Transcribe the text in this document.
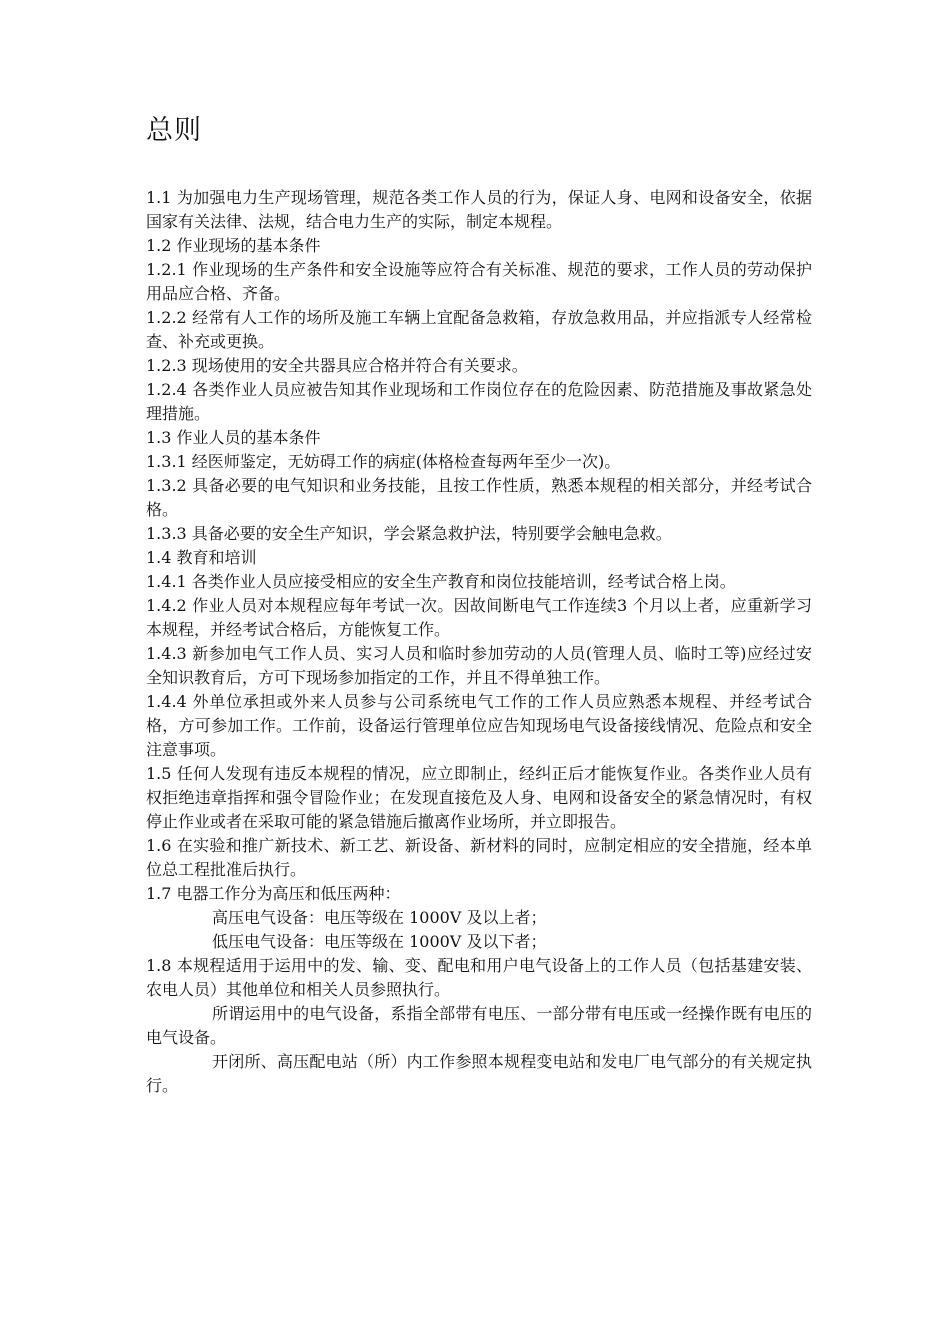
总则

1.1 为加强电力生产现场管理，规范各类工作人员的行为，保证人身、电网和设备安全，依据国家有关法律、法规，结合电力生产的实际，制定本规程。

1.2 作业现场的基本条件

1.2.1 作业现场的生产条件和安全设施等应符合有关标准、规范的要求，工作人员的劳动保护用品应合格、齐备。

1.2.2 经常有人工作的场所及施工车辆上宜配备急救箱，存放急救用品，并应指派专人经常检查、补充或更换。

1.2.3 现场使用的安全共器具应合格并符合有关要求。

1.2.4 各类作业人员应被告知其作业现场和工作岗位存在的危险因素、防范措施及事故紧急处理措施。

1.3 作业人员的基本条件

1.3.1 经医师鉴定，无妨碍工作的病症(体格检查每两年至少一次)。

1.3.2 具备必要的电气知识和业务技能，且按工作性质，熟悉本规程的相关部分，并经考试合格。

1.3.3 具备必要的安全生产知识，学会紧急救护法，特别要学会触电急救。

1.4 教育和培训

1.4.1 各类作业人员应接受相应的安全生产教育和岗位技能培训，经考试合格上岗。

1.4.2 作业人员对本规程应每年考试一次。因故间断电气工作连续3 个月以上者，应重新学习本规程，并经考试合格后，方能恢复工作。

1.4.3 新参加电气工作人员、实习人员和临时参加劳动的人员(管理人员、临时工等)应经过安全知识教育后，方可下现场参加指定的工作，并且不得单独工作。

1.4.4 外单位承担或外来人员参与公司系统电气工作的工作人员应熟悉本规程、并经考试合格，方可参加工作。工作前，设备运行管理单位应告知现场电气设备接线情况、危险点和安全注意事项。

1.5 任何人发现有违反本规程的情况，应立即制止，经纠正后才能恢复作业。各类作业人员有权拒绝违章指挥和强令冒险作业；在发现直接危及人身、电网和设备安全的紧急情况时，有权停止作业或者在采取可能的紧急错施后撤离作业场所，并立即报告。

1.6 在实验和推广新技术、新工艺、新设备、新材料的同时，应制定相应的安全措施，经本单位总工程批准后执行。

1.7 电器工作分为高压和低压两种：

高压电气设备：电压等级在 1000V 及以上者；

低压电气设备：电压等级在 1000V 及以下者；

1.8 本规程适用于运用中的发、输、变、配电和用户电气设备上的工作人员（包括基建安装、农电人员）其他单位和相关人员参照执行。

所谓运用中的电气设备，系指全部带有电压、一部分带有电压或一经操作既有电压的电气设备。

开闭所、高压配电站（所）内工作参照本规程变电站和发电厂电气部分的有关规定执行。
